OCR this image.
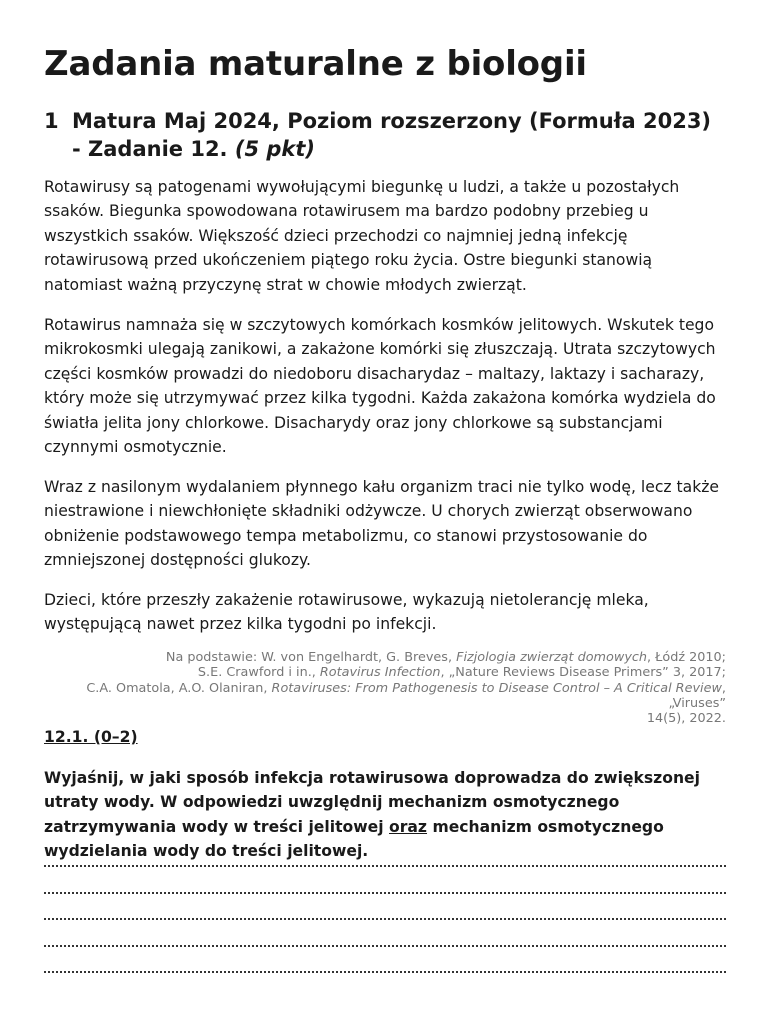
Zadania maturalne z biologii
1 Matura Maj 2024, Poziom rozszerzony (Formuła 2023)
- Zadanie 12. (5 pkt)

Rotawirusy są patogenami wywołującymi biegunkę u ludzi, a także u pozostałych ssaków. Biegunka spowodowana rotawirusem ma bardzo podobny przebieg u wszystkich ssaków. Większość dzieci przechodzi co najmniej jedną infekcję rotawirusową przed ukończeniem piątego roku życia. Ostre biegunki stanowią natomiast ważną przyczynę strat w chowie młodych zwierząt.

Rotawirus namnaża się w szczytowych komórkach kosmków jelitowych. Wskutek tego mikrokosmki ulegają zanikowi, a zakażone komórki się złuszczają. Utrata szczytowych części kosmków prowadzi do niedoboru disacharydaz – maltazy, laktazy i sacharazy, który może się utrzymywać przez kilka tygodni. Każda zakażona komórka wydziela do światła jelita jony chlorkowe. Disacharydy oraz jony chlorkowe są substancjami czynnymi osmotycznie.

Wraz z nasilonym wydalaniem płynnego kału organizm traci nie tylko wodę, lecz także niestrawione i niewchłonięte składniki odżywcze. U chorych zwierząt obserwowano obniżenie podstawowego tempa metabolizmu, co stanowi przystosowanie do zmniejszonej dostępności glukozy.

Dzieci, które przeszły zakażenie rotawirusowe, wykazują nietolerancję mleka, występującą nawet przez kilka tygodni po infekcji.

Na podstawie: W. von Engelhardt, G. Breves, Fizjologia zwierząt domowych, Łódź 2010;
S.E. Crawford i in., Rotavirus Infection, „Nature Reviews Disease Primers” 3, 2017;
C.A. Omatola, A.O. Olaniran, Rotaviruses: From Pathogenesis to Disease Control – A Critical Review, „Viruses”
14(5), 2022.
12.1. (0–2)

Wyjaśnij, w jaki sposób infekcja rotawirusowa doprowadza do zwiększonej utraty wody. W odpowiedzi uwzględnij mechanizm osmotycznego zatrzymywania wody w treści jelitowej oraz mechanizm osmotycznego wydzielania wody do treści jelitowej.
